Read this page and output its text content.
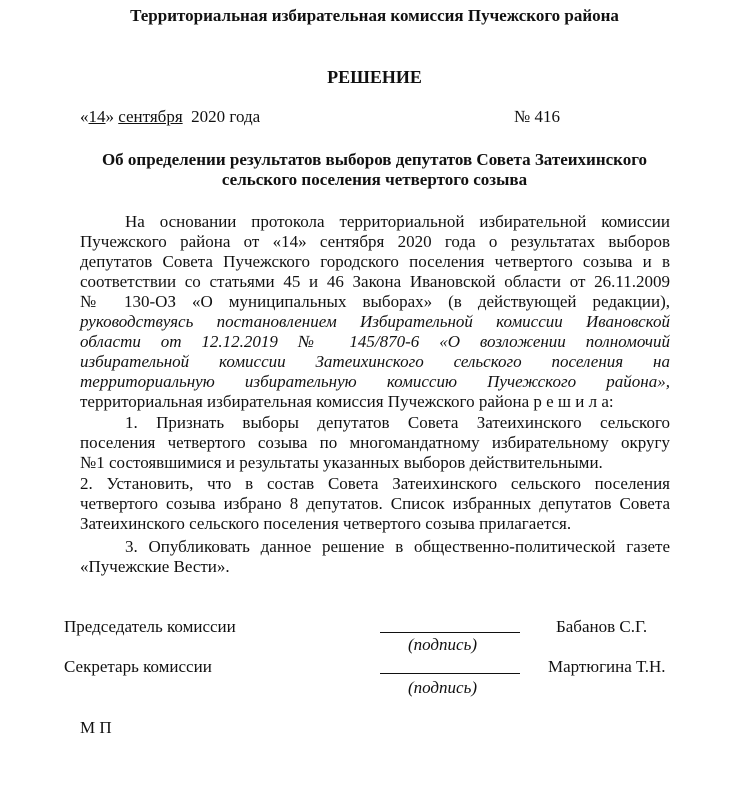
Территориальная избирательная комиссия Пучежского района
РЕШЕНИЕ
«14» сентября 2020 года	№ 416
Об определении результатов выборов депутатов Совета Затеихинского
сельского поселения четвертого созыва
На основании протокола территориальной избирательной комиссии
Пучежского района от «14» сентября 2020 года о результатах выборов
депутатов Совета Пучежского городского поселения четвертого созыва и в
соответствии со статьями 45 и 46 Закона Ивановской области от 26.11.2009
№ 130-ОЗ «О муниципальных выборах» (в действующей редакции),
руководствуясь постановлением Избирательной комиссии Ивановской
области от 12.12.2019 № 145/870-6 «О возложении полномочий
избирательной комиссии Затеихинского сельского поселения на
территориальную избирательную комиссию Пучежского района»,
территориальная избирательная комиссия Пучежского района р е ш и л а:
1. Признать выборы депутатов Совета Затеихинского сельского
поселения четвертого созыва по многомандатному избирательному округу
№1 состоявшимися и результаты указанных выборов действительными.
2. Установить, что в состав Совета Затеихинского сельского поселения
четвертого созыва избрано 8 депутатов. Список избранных депутатов Совета
Затеихинского сельского поселения четвертого созыва прилагается.
3. Опубликовать данное решение в общественно-политической газете
«Пучежские Вести».
Председатель комиссии
(подпись)
Бабанов С.Г.
Секретарь комиссии
(подпись)
Мартюгина Т.Н.
М П
